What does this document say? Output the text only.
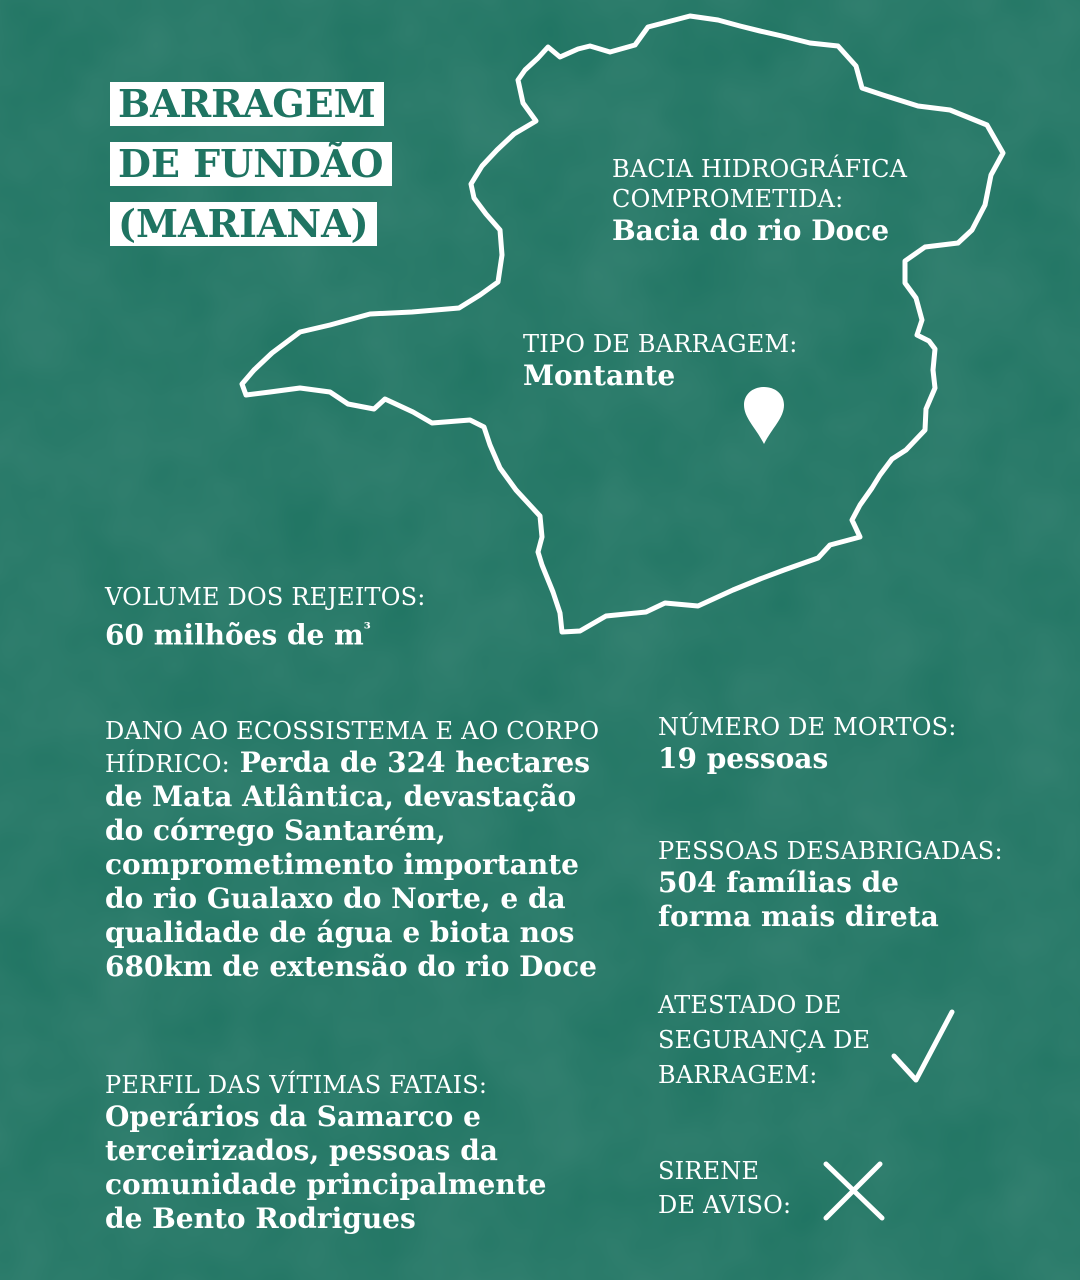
BARRAGEM
DE FUNDÃO
(MARIANA)
BACIA HIDROGRÁFICA
COMPROMETIDA:
Bacia do rio Doce
TIPO DE BARRAGEM:
Montante
VOLUME DOS REJEITOS:
60 milhões de $m^{^3}$
DANO AO ECOSSISTEMA E AO CORPO
HÍDRICO: Perda de 324 hectares
de Mata Atlântica, devastação
do córrego Santarém,
comprometimento importante
do rio Gualaxo do Norte, e da
qualidade de água e biota nos
680km de extensão do rio Doce
PERFIL DAS VÍTIMAS FATAIS:
Operários da Samarco e
terceirizados, pessoas da
comunidade principalmente
de Bento Rodrigues
NÚMERO DE MORTOS:
19 pessoas
PESSOAS DESABRIGADAS:
504 famílias de
forma mais direta
ATESTADO DE
SEGURANÇA DE
BARRAGEM:
SIRENE
DE AVISO:
